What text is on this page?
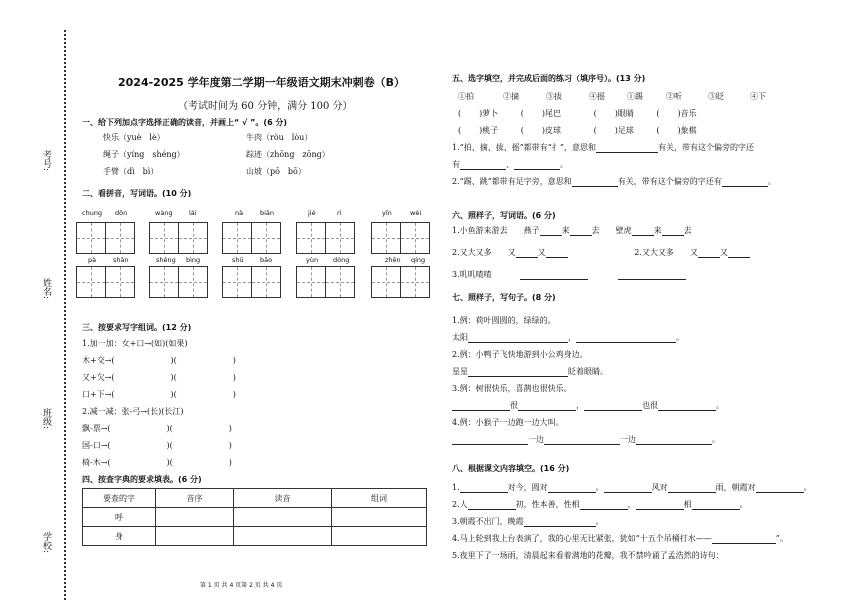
考号:
姓名:
班级:
学校:
2024-2025 学年度第二学期一年级语文期末冲刺卷（B）
（考试时间为 60 分钟，满分 100 分）
一、给下列加点字选择正确的读音，并画上“ √ ”。(6 分)
快乐（yuè　lè）	牛肉（ròu　lòu）
绳子（yíng　shéng）	踪迹（zhōng　zōng）
手臂（dì　bì）	山坡（pō　bō）
二、看拼音，写词语。(10 分)
chung dōn	wàng	lái	nà	biān	jié	rì	yīn	wèi
pà	shān	shēng bìng	shū	bāo	yùn dòng	zhēn qíng
三、按要求写字组词。(12 分)
1.加一加：女+口→(如)(如果)
木+交→(	)(	)
又+欠→(	)(	)
口+下→(	)(	)
2.减一减：张-弓→(长)(长江)
飘-票→(	)(	)
国-口→(	)(	)
椅-木→(	)(	)
四、按查字典的要求填表。(6 分)
要查的字	音序	读音	组词
呼			
身			
第 1 页 共 4 页第 2 页 共 4 页
五、选字填空，并完成后面的练习（填序号）。(13 分)
①拍	②摘	③拔	④摇	①踢	②听	③眨	④下
( )萝卜	( )尾巴	( )眼睛	( )音乐
( )桃子	( )皮球	( )足球	( )象棋
1.“拍、摘、拔、摇”都带有“扌”，意思和	有关，带有这个偏旁的字还
有	、	。
2.“踢、跳”都带有足字旁，意思和	有关，带有这个偏旁的字还有	。
六、照样子，写词语。(6 分)
1.小鱼游来游去　　燕子	来	去　　壁虎	来	去
2.又大又多　　又	又	2.又大又多　　又	又
3.叽叽喳喳
七、照样子，写句子。(8 分)
1.例：荷叶圆圆的，绿绿的。
太阳	，	。
2.例：小鸭子飞快地游到小公鸡身边。
星星	眨着眼睛。
3.例：树很快乐，喜鹊也很快乐。
很	，	也很	。
4.例：小猴子一边跑一边大叫。
一边	一边	。
八、根据课文内容填空。(16 分)
1.	对今，圆对	。	风对	雨，朝霞对	。
2.人	初，性本善，性相	，	相	。
3.朝霞不出门，晚霞	。
4.马上轮到我上台表演了，我的心里无比紧张，犹如“十五个吊桶打水——	”。
5.夜里下了一场雨，清晨起来看着满地的花瓣，我不禁吟诵了孟浩然的诗句：
